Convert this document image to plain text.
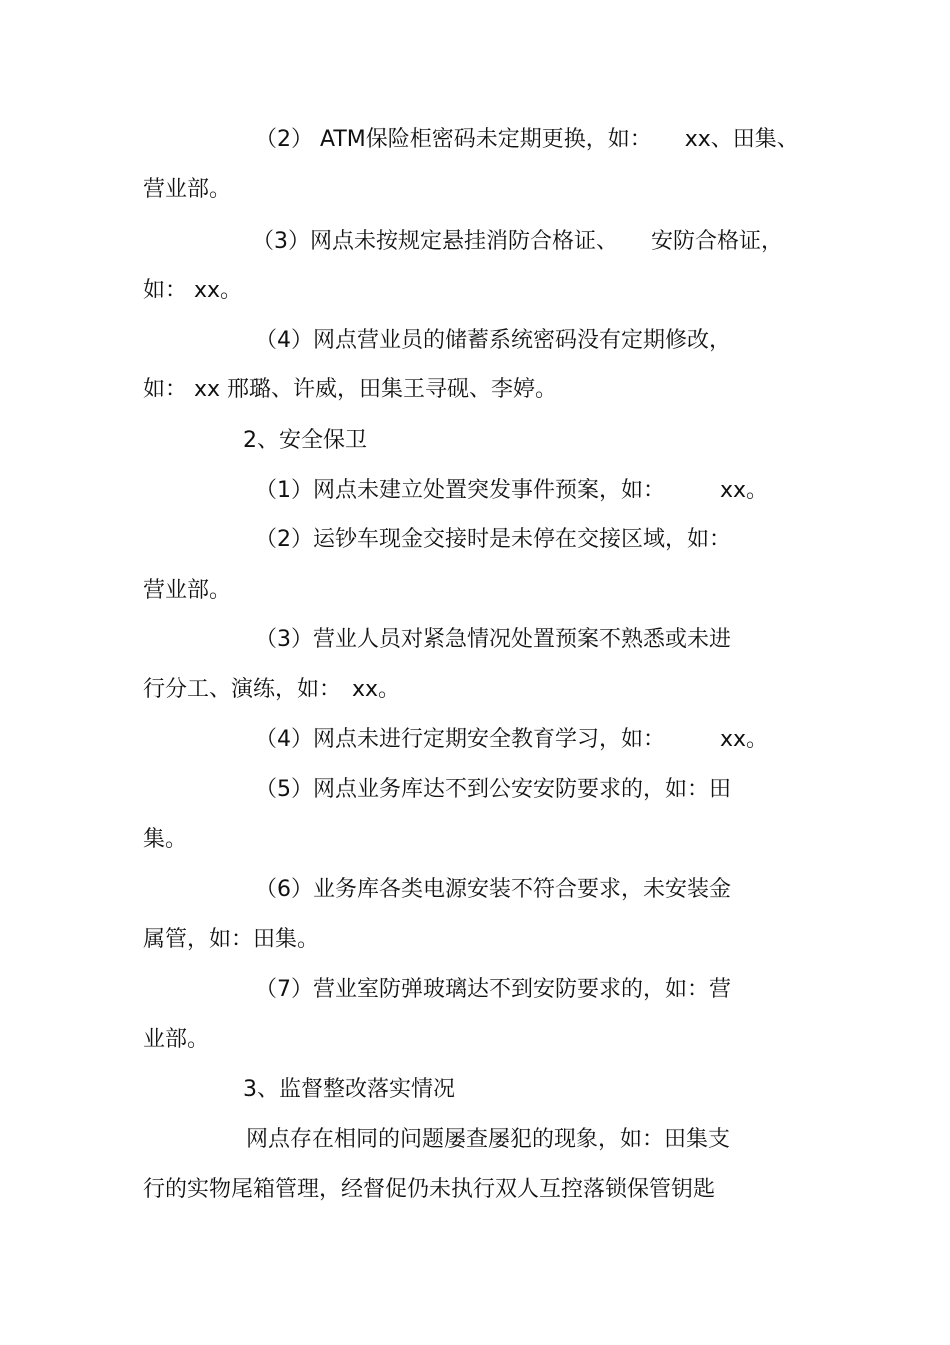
（2） ATM保险柜密码未定期更换，如：　　xx、田集、
营业部。
（3）网点未按规定悬挂消防合格证、　　安防合格证，
如： xx。
（4）网点营业员的储蓄系统密码没有定期修改，
如： xx 邢璐、许威，田集王寻砚、李婷。
2、安全保卫
（1）网点未建立处置突发事件预案，如：　　　xx。
（2）运钞车现金交接时是未停在交接区域，如：
营业部。
（3）营业人员对紧急情况处置预案不熟悉或未进
行分工、演练，如：　xx。
（4）网点未进行定期安全教育学习，如：　　　xx。
（5）网点业务库达不到公安安防要求的，如：田
集。
（6）业务库各类电源安装不符合要求，未安装金
属管，如：田集。
（7）营业室防弹玻璃达不到安防要求的，如：营
业部。
3、监督整改落实情况
网点存在相同的问题屡查屡犯的现象，如：田集支
行的实物尾箱管理，经督促仍未执行双人互控落锁保管钥匙
